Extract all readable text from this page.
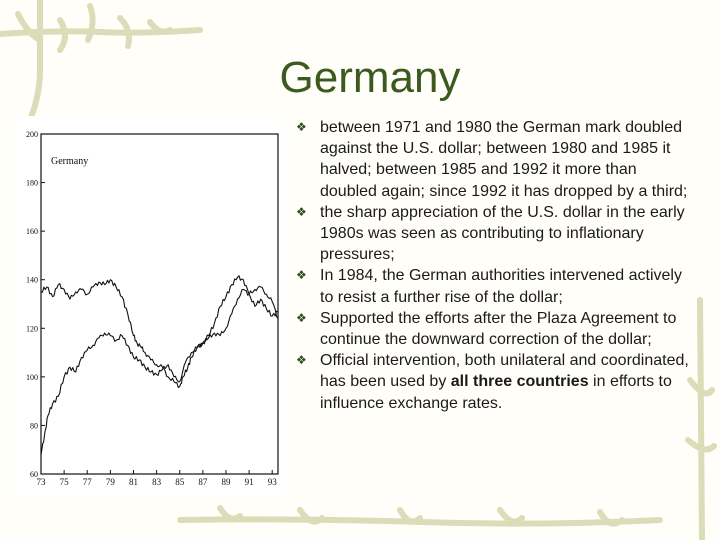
Germany
200
180
160
140
120
100
80
60
73 75 77 79 81 83 85 87 89 91 93
Germany
❖ between 1971 and 1980 the German mark doubled against the U.S. dollar; between 1980 and 1985 it halved; between 1985 and 1992 it more than doubled again; since 1992 it has dropped by a third;
❖ the sharp appreciation of the U.S. dollar in the early 1980s was seen as contributing to inflationary pressures;
❖ In 1984, the German authorities intervened actively to resist a further rise of the dollar;
❖ Supported the efforts after the Plaza Agreement to continue the downward correction of the dollar;
❖ Official intervention, both unilateral and coordinated, has been used by all three countries in efforts to influence exchange rates.
